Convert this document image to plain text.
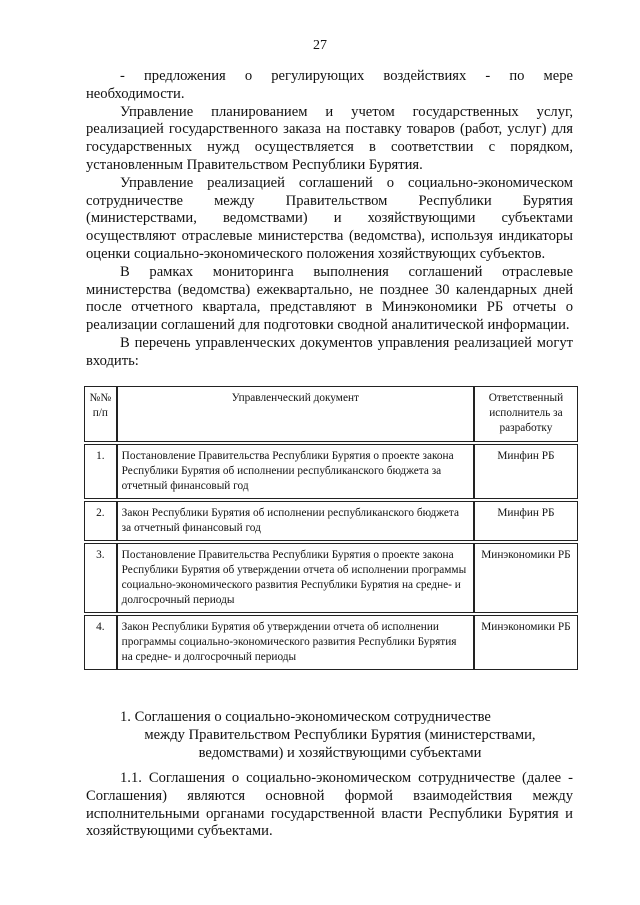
27

- предложения о регулирующих воздействиях - по мере необходимости.

Управление планированием и учетом государственных услуг, реализацией государственного заказа на поставку товаров (работ, услуг) для государственных нужд осуществляется в соответствии с порядком, установленным Правительством Республики Бурятия.

Управление реализацией соглашений о социально-экономическом сотрудничестве между Правительством Республики Бурятия (министерствами, ведомствами) и хозяйствующими субъектами осуществляют отраслевые министерства (ведомства), используя индикаторы оценки социально-экономического положения хозяйствующих субъектов.

В рамках мониторинга выполнения соглашений отраслевые министерства (ведомства) ежеквартально, не позднее 30 календарных дней после отчетного квартала, представляют в Минэкономики РБ отчеты о реализации соглашений для подготовки сводной аналитической информации.

В перечень управленческих документов управления реализацией могут входить:

№№ п/п	Управленческий документ	Ответственный исполнитель за разработку
1.	Постановление Правительства Республики Бурятия о проекте закона Республики Бурятия об исполнении республиканского бюджета за отчетный финансовый год	Минфин РБ
2.	Закон Республики Бурятия об исполнении республиканского бюджета за отчетный финансовый год	Минфин РБ
3.	Постановление Правительства Республики Бурятия о проекте закона Республики Бурятия об утверждении отчета об исполнении программы социально-экономического развития Республики Бурятия на средне- и долгосрочный периоды	Минэкономики РБ
4.	Закон Республики Бурятия об утверждении отчета об исполнении программы социально-экономического развития Республики Бурятия на средне- и долгосрочный периоды	Минэкономики РБ
1. Соглашения о социально-экономическом сотрудничестве
между Правительством Республики Бурятия (министерствами, ведомствами) и хозяйствующими субъектами

1.1. Соглашения о социально-экономическом сотрудничестве (далее - Соглашения) являются основной формой взаимодействия между исполнительными органами государственной власти Республики Бурятия и хозяйствующими субъектами.
